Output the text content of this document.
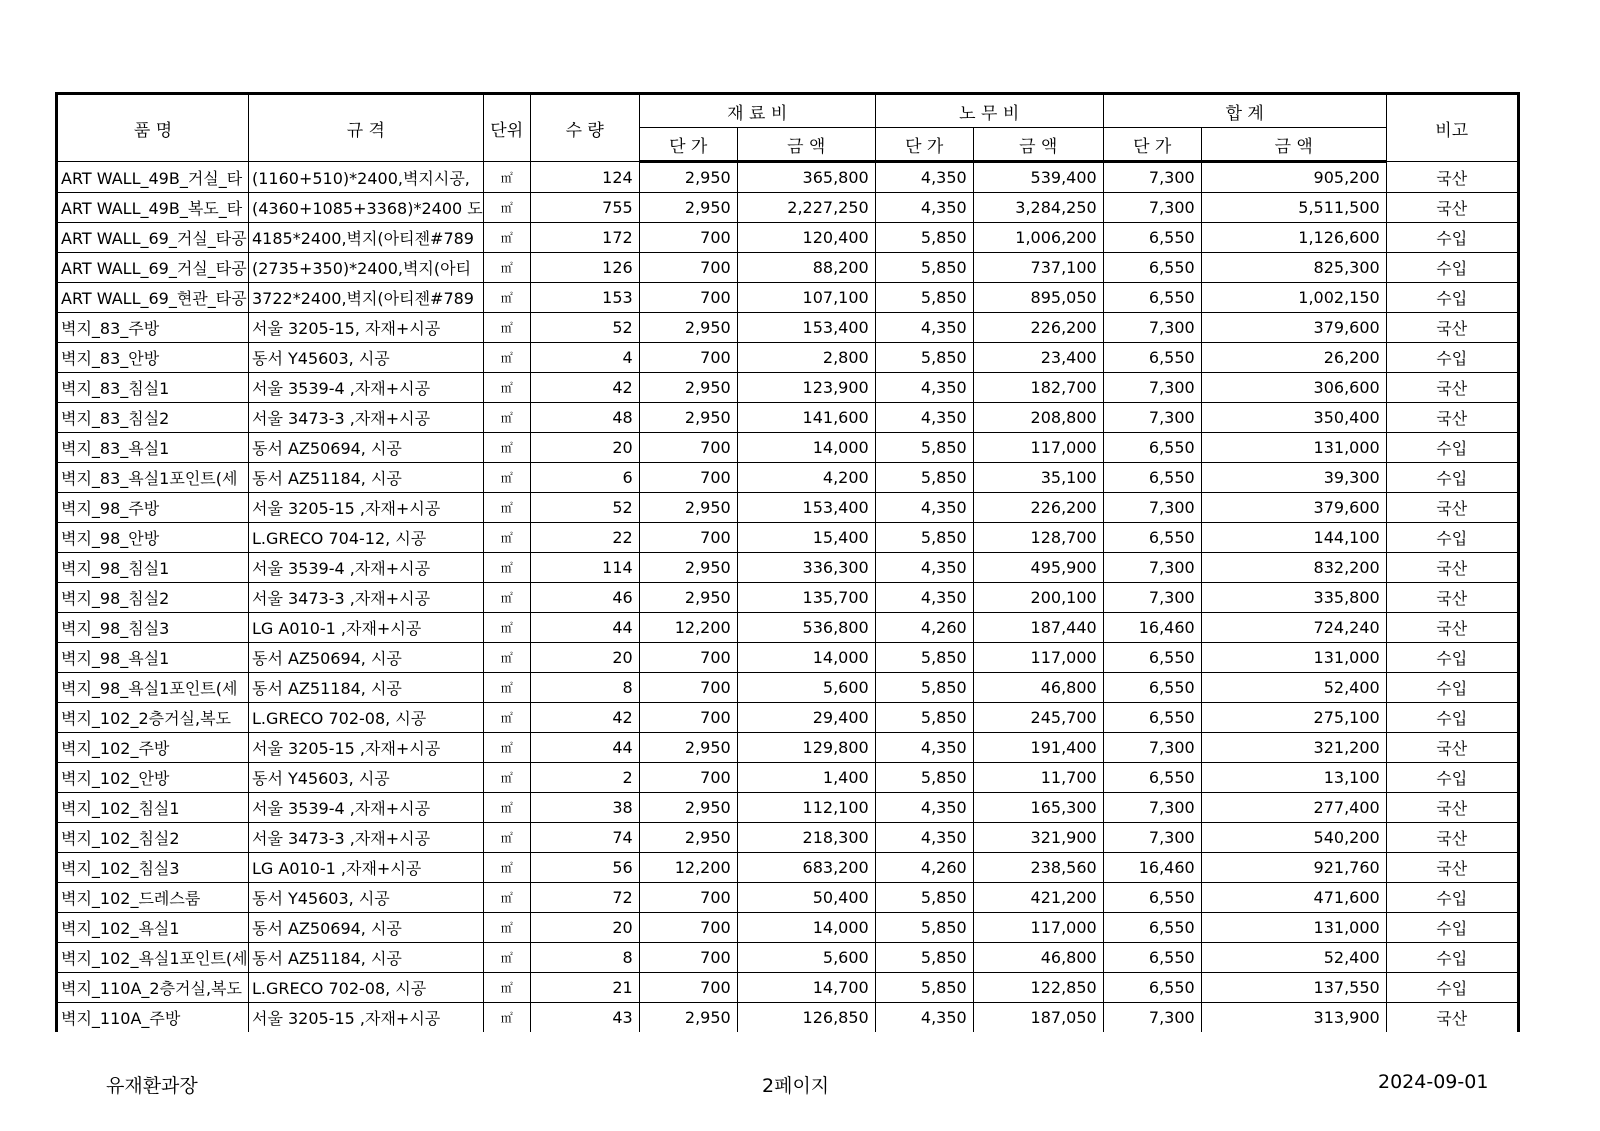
품 명	규 격	단위	수 량	재 료 비		노 무 비		합 계		비고
				단 가	금 액	단 가	금 액	단 가	금 액	
ART WALL_49B_거실_타	(1160+510)*2400,벽지시공,	㎡	124	2,950	365,800	4,350	539,400	7,300	905,200	국산
ART WALL_49B_복도_타	(4360+1085+3368)*2400 도	㎡	755	2,950	2,227,250	4,350	3,284,250	7,300	5,511,500	국산
ART WALL_69_거실_타공	4185*2400,벽지(아티젠#789	㎡	172	700	120,400	5,850	1,006,200	6,550	1,126,600	수입
ART WALL_69_거실_타공	(2735+350)*2400,벽지(아티	㎡	126	700	88,200	5,850	737,100	6,550	825,300	수입
ART WALL_69_현관_타공	3722*2400,벽지(아티젠#789	㎡	153	700	107,100	5,850	895,050	6,550	1,002,150	수입
벽지_83_주방	서울 3205-15, 자재+시공	㎡	52	2,950	153,400	4,350	226,200	7,300	379,600	국산
벽지_83_안방	동서 Y45603, 시공	㎡	4	700	2,800	5,850	23,400	6,550	26,200	수입
벽지_83_침실1	서울 3539-4 ,자재+시공	㎡	42	2,950	123,900	4,350	182,700	7,300	306,600	국산
벽지_83_침실2	서울 3473-3 ,자재+시공	㎡	48	2,950	141,600	4,350	208,800	7,300	350,400	국산
벽지_83_욕실1	동서 AZ50694, 시공	㎡	20	700	14,000	5,850	117,000	6,550	131,000	수입
벽지_83_욕실1포인트(세	동서 AZ51184, 시공	㎡	6	700	4,200	5,850	35,100	6,550	39,300	수입
벽지_98_주방	서울 3205-15 ,자재+시공	㎡	52	2,950	153,400	4,350	226,200	7,300	379,600	국산
벽지_98_안방	L.GRECO 704-12, 시공	㎡	22	700	15,400	5,850	128,700	6,550	144,100	수입
벽지_98_침실1	서울 3539-4 ,자재+시공	㎡	114	2,950	336,300	4,350	495,900	7,300	832,200	국산
벽지_98_침실2	서울 3473-3 ,자재+시공	㎡	46	2,950	135,700	4,350	200,100	7,300	335,800	국산
벽지_98_침실3	LG A010-1 ,자재+시공	㎡	44	12,200	536,800	4,260	187,440	16,460	724,240	국산
벽지_98_욕실1	동서 AZ50694, 시공	㎡	20	700	14,000	5,850	117,000	6,550	131,000	수입
벽지_98_욕실1포인트(세	동서 AZ51184, 시공	㎡	8	700	5,600	5,850	46,800	6,550	52,400	수입
벽지_102_2층거실,복도	L.GRECO 702-08, 시공	㎡	42	700	29,400	5,850	245,700	6,550	275,100	수입
벽지_102_주방	서울 3205-15 ,자재+시공	㎡	44	2,950	129,800	4,350	191,400	7,300	321,200	국산
벽지_102_안방	동서 Y45603, 시공	㎡	2	700	1,400	5,850	11,700	6,550	13,100	수입
벽지_102_침실1	서울 3539-4 ,자재+시공	㎡	38	2,950	112,100	4,350	165,300	7,300	277,400	국산
벽지_102_침실2	서울 3473-3 ,자재+시공	㎡	74	2,950	218,300	4,350	321,900	7,300	540,200	국산
벽지_102_침실3	LG A010-1 ,자재+시공	㎡	56	12,200	683,200	4,260	238,560	16,460	921,760	국산
벽지_102_드레스룸	동서 Y45603, 시공	㎡	72	700	50,400	5,850	421,200	6,550	471,600	수입
벽지_102_욕실1	동서 AZ50694, 시공	㎡	20	700	14,000	5,850	117,000	6,550	131,000	수입
벽지_102_욕실1포인트(세	동서 AZ51184, 시공	㎡	8	700	5,600	5,850	46,800	6,550	52,400	수입
벽지_110A_2층거실,복도	L.GRECO 702-08, 시공	㎡	21	700	14,700	5,850	122,850	6,550	137,550	수입
벽지_110A_주방	서울 3205-15 ,자재+시공	㎡	43	2,950	126,850	4,350	187,050	7,300	313,900	국산
유재환과장	2페이지	2024-09-01
